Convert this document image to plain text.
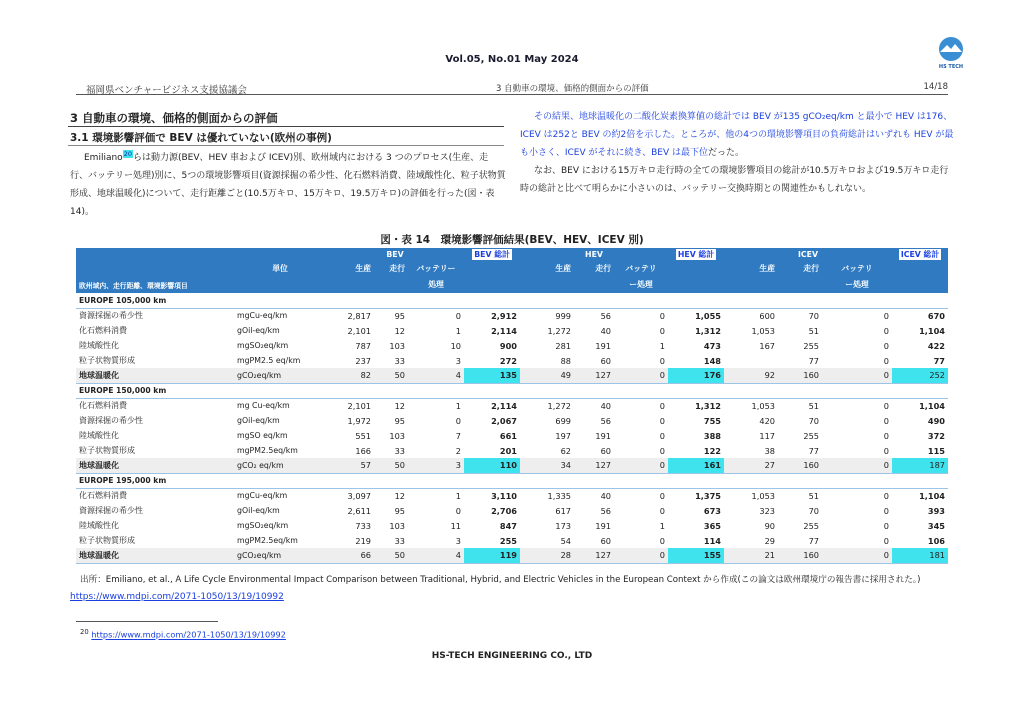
Vol.05, No.01 May 2024
HS TECH
福岡県ベンチャービジネス支援協議会	3 自動車の環境、価格的側面からの評価	14/18
3 自動車の環境、価格的側面からの評価
3.1 環境影響評価で BEV は優れていない(欧州の事例)
Emiliano$^{20}$らは動力源(BEV、HEV 車および ICEV)別、欧州域内における 3 つのプロセス(生産、走行、バッテリー処理)別に、5つの環境影響項目(資源採掘の希少性、化石燃料消費、陸域酸性化、粒子状物質形成、地球温暖化)について、走行距離ごと(10.5万キロ、15万キロ、19.5万キロ)の評価を行った(図・表 14)。
その結果、地球温暖化の二酸化炭素換算値の総計では BEV が135 gCO₂eq/km と最小で HEV は176、ICEV は252と BEV の約2倍を示した。ところが、他の4つの環境影響項目の負荷総計はいずれも HEV が最も小さく、ICEV がそれに続き、BEV は最下位だった。
なお、BEV における15万キロ走行時の全ての環境影響項目の総計が10.5万キロおよび19.5万キロ走行時の総計と比べて明らかに小さいのは、バッテリー交換時期との関連性かもしれない。
図・表 14　環境影響評価結果(BEV、HEV、ICEV 別)
		BEV			BEV 総計	HEV			HEV 総計	ICEV			ICEV 総計
	単位	生産	走行	バッテリー		生産	走行	バッテリ		生産	走行	バッテリ	
欧州域内、走行距離、環境影響項目				処理				ー処理				ー処理	
EUROPE 105,000 km													
資源採掘の希少性	mgCu-eq/km	2,817	95	0	2,912	999	56	0	1,055	600	70	0	670
化石燃料消費	gOil-eq/km	2,101	12	1	2,114	1,272	40	0	1,312	1,053	51	0	1,104
陸域酸性化	mgSO₂eq/km	787	103	10	900	281	191	1	473	167	255	0	422
粒子状物質形成	mgPM2.5 eq/km	237	33	3	272	88	60	0	148		77	0	77
地球温暖化	gCO₂eq/km	82	50	4	135	49	127	0	176	92	160	0	252
EUROPE 150,000 km													
化石燃料消費	mg Cu-eq/km	2,101	12	1	2,114	1,272	40	0	1,312	1,053	51	0	1,104
資源採掘の希少性	gOil-eq/km	1,972	95	0	2,067	699	56	0	755	420	70	0	490
陸域酸性化	mgSO eq/km	551	103	7	661	197	191	0	388	117	255	0	372
粒子状物質形成	mgPM2.5eq/km	166	33	2	201	62	60	0	122	38	77	0	115
地球温暖化	gCO₂ eq/km	57	50	3	110	34	127	0	161	27	160	0	187
EUROPE 195,000 km													
化石燃料消費	mgCu-eq/km	3,097	12	1	3,110	1,335	40	0	1,375	1,053	51	0	1,104
資源採掘の希少性	gOil-eq/km	2,611	95	0	2,706	617	56	0	673	323	70	0	393
陸域酸性化	mgSO₂eq/km	733	103	11	847	173	191	1	365	90	255	0	345
粒子状物質形成	mgPM2.5eq/km	219	33	3	255	54	60	0	114	29	77	0	106
地球温暖化	gCO₂eq/km	66	50	4	119	28	127	0	155	21	160	0	181
出所：Emiliano, et al., A Life Cycle Environmental Impact Comparison between Traditional, Hybrid, and Electric Vehicles in the European Context から作成(この論文は欧州環境庁の報告書に採用された。)
https://www.mdpi.com/2071-1050/13/19/10992
$^{20}$ https://www.mdpi.com/2071-1050/13/19/10992
HS-TECH ENGINEERING CO., LTD
